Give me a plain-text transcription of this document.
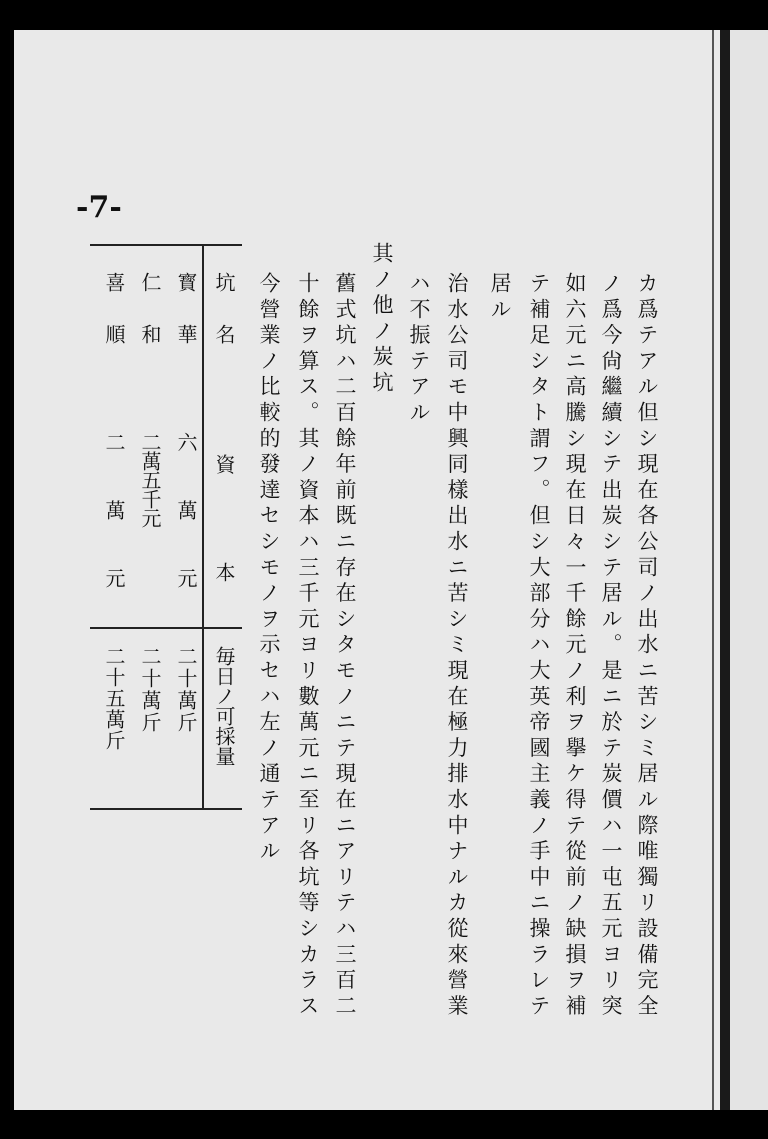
-7-
カ爲テアル但シ現在各公司ノ出水ニ苦シミ居ル際唯獨リ設備完全
ノ爲今尙繼續シテ出炭シテ居ル。是ニ於テ炭價ハ一屯五元ヨリ突
如六元ニ高騰シ現在日々一千餘元ノ利ヲ擧ケ得テ從前ノ缺損ヲ補
テ補足シタト謂フ。但シ大部分ハ大英帝國主義ノ手中ニ操ラレテ
居ル
治水公司モ中興同樣出水ニ苦シミ現在極力排水中ナルカ從來營業
ハ不振テアル
其ノ他ノ炭坑
舊式坑ハ二百餘年前既ニ存在シタモノニテ現在ニアリテハ三百二
十餘ヲ算ス。其ノ資本ハ三千元ヨリ數萬元ニ至リ各坑等シカラス
今營業ノ比較的發達セシモノヲ示セハ左ノ通テアル
坑　名
資　本
毎日ノ可採量
寳　華
六　萬　元
二十萬斤
仁　和
二萬五千元
二十萬斤
喜　順
二　萬　元
二十五萬斤
